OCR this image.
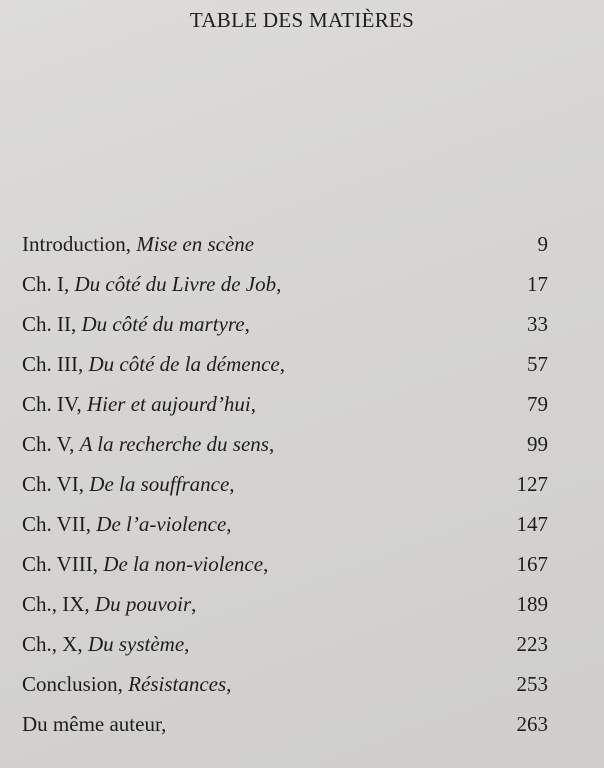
TABLE DES MATIÈRES
Introduction, Mise en scène	9
Ch. I, Du côté du Livre de Job,	17
Ch. II, Du côté du martyre,	33
Ch. III, Du côté de la démence,	57
Ch. IV, Hier et aujourd’hui,	79
Ch. V, A la recherche du sens,	99
Ch. VI, De la souffrance,	127
Ch. VII, De l’a-violence,	147
Ch. VIII, De la non-violence,	167
Ch., IX, Du pouvoir,	189
Ch., X, Du système,	223
Conclusion, Résistances,	253
Du même auteur,	263
